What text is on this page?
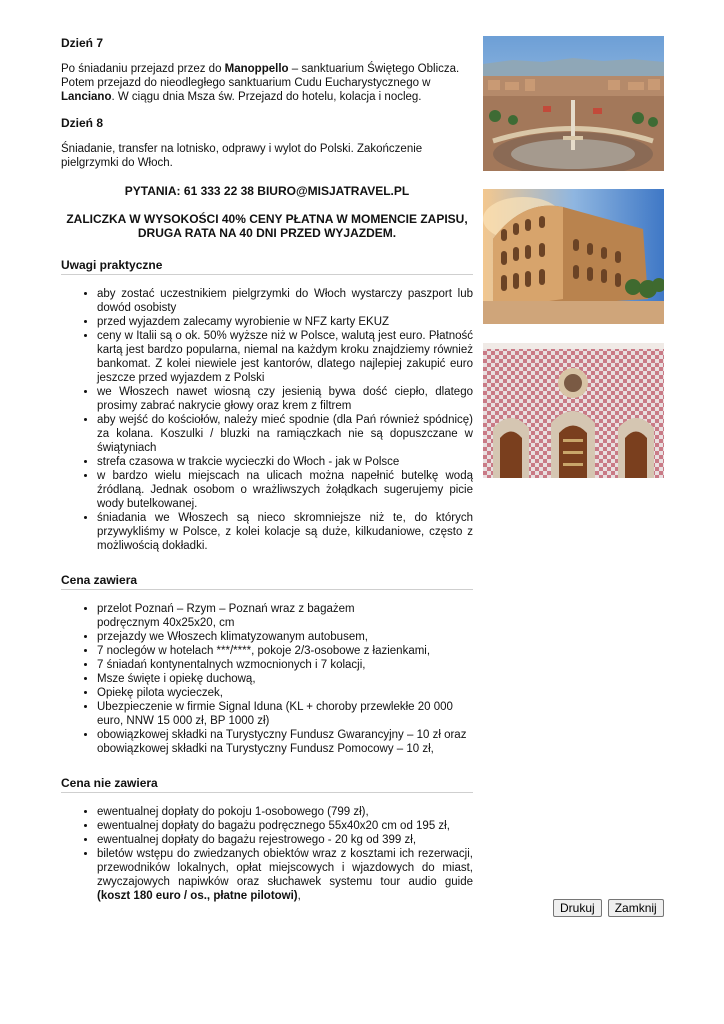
Dzień 7

Po śniadaniu przejazd przez do Manoppello – sanktuarium Świętego Oblicza. Potem przejazd do nieodległego sanktuarium Cudu Eucharystycznego w Lanciano. W ciągu dnia Msza św. Przejazd do hotelu, kolacja i nocleg.

Dzień 8

Śniadanie, transfer na lotnisko, odprawy i wylot do Polski. Zakończenie pielgrzymki do Włoch.

PYTANIA: 61 333 22 38 BIURO@MISJATRAVEL.PL

ZALICZKA W WYSOKOŚCI 40% CENY PŁATNA W MOMENCIE ZAPISU,

DRUGA RATA NA 40 DNI PRZED WYJAZDEM.

Uwagi praktyczne
• aby zostać uczestnikiem pielgrzymki do Włoch wystarczy paszport lub dowód osobisty
• przed wyjazdem zalecamy wyrobienie w NFZ karty EKUZ
• ceny w Italii są o ok. 50% wyższe niż w Polsce, walutą jest euro. Płatność kartą jest bardzo popularna, niemal na każdym kroku znajdziemy również bankomat. Z kolei niewiele jest kantorów, dlatego najlepiej zakupić euro jeszcze przed wyjazdem z Polski
• we Włoszech nawet wiosną czy jesienią bywa dość ciepło, dlatego prosimy zabrać nakrycie głowy oraz krem z filtrem
• aby wejść do kościołów, należy mieć spodnie (dla Pań również spódnicę) za kolana. Koszulki / bluzki na ramiączkach nie są dopuszczane w świątyniach
• strefa czasowa w trakcie wycieczki do Włoch - jak w Polsce
• w bardzo wielu miejscach na ulicach można napełnić butelkę wodą źródlaną. Jednak osobom o wrażliwszych żołądkach sugerujemy picie wody butelkowanej.
• śniadania we Włoszech są nieco skromniejsze niż te, do których przywykliśmy w Polsce, z kolei kolacje są duże, kilkudaniowe, często z możliwością dokładki.
Cena zawiera
• przelot Poznań – Rzym – Poznań wraz z bagażem podręcznym 40x25x20, cm
• przejazdy we Włoszech klimatyzowanym autobusem,
• 7 noclegów w hotelach ***/****, pokoje 2/3-osobowe z łazienkami,
• 7 śniadań kontynentalnych wzmocnionych i 7 kolacji,
• Msze święte i opiekę duchową,
• Opiekę pilota wycieczek,
• Ubezpieczenie w firmie Signal Iduna (KL + choroby przewlekłe 20 000 euro, NNW 15 000 zł, BP 1000 zł)
• obowiązkowej składki na Turystyczny Fundusz Gwarancyjny – 10 zł oraz obowiązkowej składki na Turystyczny Fundusz Pomocowy – 10 zł,
Cena nie zawiera
• ewentualnej dopłaty do pokoju 1-osobowego (799 zł),
• ewentualnej dopłaty do bagażu podręcznego 55x40x20 cm od 195 zł,
• ewentualnej dopłaty do bagażu rejestrowego - 20 kg od 399 zł,
• biletów wstępu do zwiedzanych obiektów wraz z kosztami ich rezerwacji, przewodników lokalnych, opłat miejscowych i wjazdowych do miast, zwyczajowych napiwków oraz słuchawek systemu tour audio guide (koszt 180 euro / os., płatne pilotowi),
Drukuj	Zamknij
